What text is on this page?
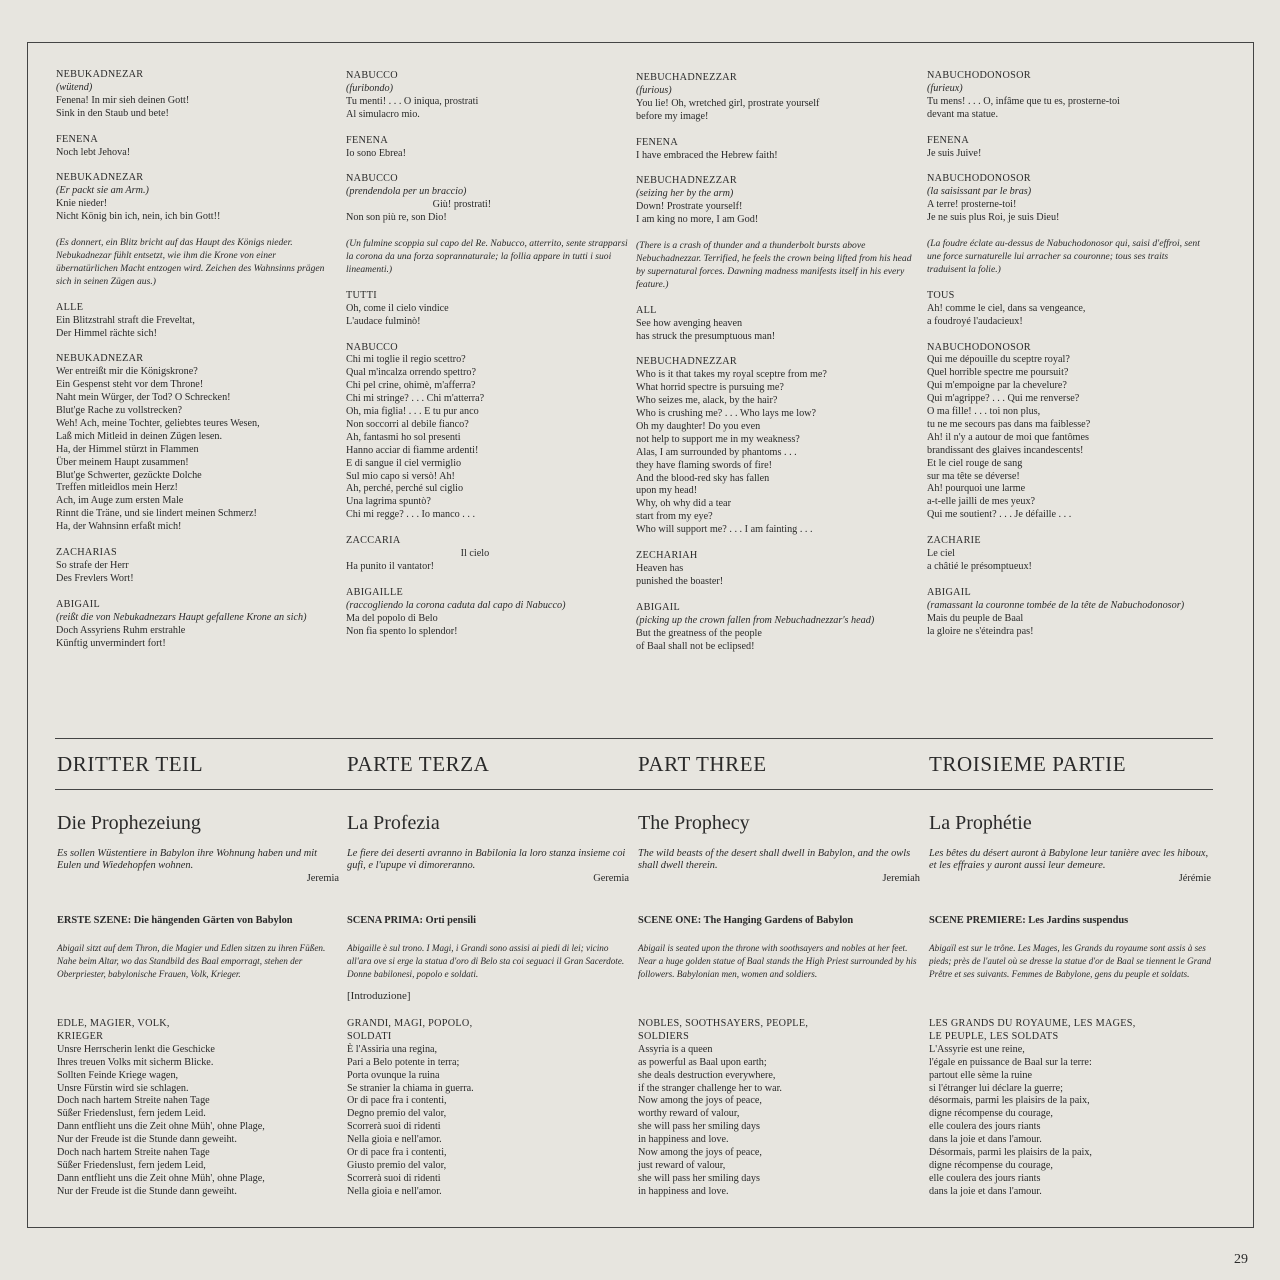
NEBUKADNEZAR
(wütend)
Fenena! In mir sieh deinen Gott!
Sink in den Staub und bete!
FENENA
Noch lebt Jehova!
NEBUKADNEZAR
(Er packt sie am Arm.)
Knie nieder!
Nicht König bin ich, nein, ich bin Gott!!
(Es donnert, ein Blitz bricht auf das Haupt des Königs nieder. Nebukadnezar fühlt entsetzt, wie ihm die Krone von einer übernatürlichen Macht entzogen wird. Zeichen des Wahnsinns prägen sich in seinen Zügen aus.)
ALLE
Ein Blitzstrahl straft die Freveltat,
Der Himmel rächte sich!
NEBUKADNEZAR
Wer entreißt mir die Königskrone?
Ein Gespenst steht vor dem Throne!
Naht mein Würger, der Tod? O Schrecken!
Blut'ge Rache zu vollstrecken?
Weh! Ach, meine Tochter, geliebtes teures Wesen,
Laß mich Mitleid in deinen Zügen lesen.
Ha, der Himmel stürzt in Flammen
Über meinem Haupt zusammen!
Blut'ge Schwerter, gezückte Dolche
Treffen mitleidlos mein Herz!
Ach, im Auge zum ersten Male
Rinnt die Träne, und sie lindert meinen Schmerz!
Ha, der Wahnsinn erfaßt mich!
ZACHARIAS
So strafe der Herr
Des Frevlers Wort!
ABIGAIL
(reißt die von Nebukadnezars Haupt gefallene Krone an sich)
Doch Assyriens Ruhm erstrahle
Künftig unvermindert fort!
NABUCCO
(furibondo)
Tu menti! . . . O iniqua, prostrati
Al simulacro mio.
FENENA
Io sono Ebrea!
NABUCCO
(prendendola per un braccio)
Giù! prostrati!
Non son più re, son Dio!
(Un fulmine scoppia sul capo del Re. Nabucco, atterrito, sente strapparsi la corona da una forza soprannaturale; la follia appare in tutti i suoi lineamenti.)
TUTTI
Oh, come il cielo vindice
L'audace fulminò!
NABUCCO
Chi mi toglie il regio scettro?
Qual m'incalza orrendo spettro?
Chi pel crine, ohimè, m'afferra?
Chi mi stringe? . . . Chi m'atterra?
Oh, mia figlia! . . . E tu pur anco
Non soccorri al debile fianco?
Ah, fantasmi ho sol presenti
Hanno acciar di fiamme ardenti!
E di sangue il ciel vermiglio
Sul mio capo si versò! Ah!
Ah, perché, perché sul ciglio
Una lagrima spuntò?
Chi mi regge? . . . Io manco . . .
ZACCARIA
Il cielo
Ha punito il vantator!
ABIGAILLE
(raccogliendo la corona caduta dal capo di Nabucco)
Ma del popolo di Belo
Non fia spento lo splendor!
NEBUCHADNEZZAR
(furious)
You lie! Oh, wretched girl, prostrate yourself
before my image!
FENENA
I have embraced the Hebrew faith!
NEBUCHADNEZZAR
(seizing her by the arm)
Down! Prostrate yourself!
I am king no more, I am God!
(There is a crash of thunder and a thunderbolt bursts above Nebuchadnezzar. Terrified, he feels the crown being lifted from his head by supernatural forces. Dawning madness manifests itself in his every feature.)
ALL
See how avenging heaven
has struck the presumptuous man!
NEBUCHADNEZZAR
Who is it that takes my royal sceptre from me?
What horrid spectre is pursuing me?
Who seizes me, alack, by the hair?
Who is crushing me? . . . Who lays me low?
Oh my daughter! Do you even
not help to support me in my weakness?
Alas, I am surrounded by phantoms . . .
they have flaming swords of fire!
And the blood-red sky has fallen
upon my head!
Why, oh why did a tear
start from my eye?
Who will support me? . . . I am fainting . . .
ZECHARIAH
Heaven has
punished the boaster!
ABIGAIL
(picking up the crown fallen from Nebuchadnezzar's head)
But the greatness of the people
of Baal shall not be eclipsed!
NABUCHODONOSOR
(furieux)
Tu mens! . . . O, infâme que tu es, prosterne-toi
devant ma statue.
FENENA
Je suis Juive!
NABUCHODONOSOR
(la saisissant par le bras)
A terre! prosterne-toi!
Je ne suis plus Roi, je suis Dieu!
(La foudre éclate au-dessus de Nabuchodonosor qui, saisi d'effroi, sent une force surnaturelle lui arracher sa couronne; tous ses traits traduisent la folie.)
TOUS
Ah! comme le ciel, dans sa vengeance,
a foudroyé l'audacieux!
NABUCHODONOSOR
Qui me dépouille du sceptre royal?
Quel horrible spectre me poursuit?
Qui m'empoigne par la chevelure?
Qui m'agrippe? . . . Qui me renverse?
O ma fille! . . . toi non plus,
tu ne me secours pas dans ma faiblesse?
Ah! il n'y a autour de moi que fantômes
brandissant des glaives incandescents!
Et le ciel rouge de sang
sur ma tête se déverse!
Ah! pourquoi une larme
a-t-elle jailli de mes yeux?
Qui me soutient? . . . Je défaille . . .
ZACHARIE
Le ciel
a châtié le présomptueux!
ABIGAIL
(ramassant la couronne tombée de la tête de Nabuchodonosor)
Mais du peuple de Baal
la gloire ne s'éteindra pas!
DRITTER TEIL	PARTE TERZA	PART THREE	TROISIEME PARTIE
Die Prophezeiung	La Profezia	The Prophecy	La Prophétie
Es sollen Wüstentiere in Babylon ihre Wohnung haben und mit Eulen und Wiedehopfen wohnen.
Jeremia
Le fiere dei deserti avranno in Babilonia la loro stanza insieme coi gufi, e l'upupe vi dimoreranno.
Geremia
The wild beasts of the desert shall dwell in Babylon, and the owls shall dwell therein.
Jeremiah
Les bêtes du désert auront à Babylone leur tanière avec les hiboux, et les effraies y auront aussi leur demeure.
Jérémie
ERSTE SZENE: Die hängenden Gärten von Babylon	SCENA PRIMA: Orti pensili	SCENE ONE: The Hanging Gardens of Babylon	SCENE PREMIERE: Les Jardins suspendus
Abigail sitzt auf dem Thron, die Magier und Edlen sitzen zu ihren Füßen. Nahe beim Altar, wo das Standbild des Baal emporragt, stehen der Oberpriester, babylonische Frauen, Volk, Krieger.
Abigaille è sul trono. I Magi, i Grandi sono assisi ai piedi di lei; vicino all'ara ove si erge la statua d'oro di Belo sta coi seguaci il Gran Sacerdote. Donne babilonesi, popolo e soldati.
[Introduzione]
Abigail is seated upon the throne with soothsayers and nobles at her feet. Near a huge golden statue of Baal stands the High Priest surrounded by his followers. Babylonian men, women and soldiers.
Abigaïl est sur le trône. Les Mages, les Grands du royaume sont assis à ses pieds; près de l'autel où se dresse la statue d'or de Baal se tiennent le Grand Prêtre et ses suivants. Femmes de Babylone, gens du peuple et soldats.
EDLE, MAGIER, VOLK,
KRIEGER
Unsre Herrscherin lenkt die Geschicke
Ihres treuen Volks mit sicherm Blicke.
Sollten Feinde Kriege wagen,
Unsre Fürstin wird sie schlagen.
Doch nach hartem Streite nahen Tage
Süßer Friedenslust, fern jedem Leid.
Dann entflieht uns die Zeit ohne Müh', ohne Plage,
Nur der Freude ist die Stunde dann geweiht.
Doch nach hartem Streite nahen Tage
Süßer Friedenslust, fern jedem Leid,
Dann entflieht uns die Zeit ohne Müh', ohne Plage,
Nur der Freude ist die Stunde dann geweiht.
GRANDI, MAGI, POPOLO,
SOLDATI
È l'Assiria una regina,
Pari a Belo potente in terra;
Porta ovunque la ruina
Se stranier la chiama in guerra.
Or di pace fra i contenti,
Degno premio del valor,
Scorrerà suoi di ridenti
Nella gioia e nell'amor.
Or di pace fra i contenti,
Giusto premio del valor,
Scorrerà suoi di ridenti
Nella gioia e nell'amor.
NOBLES, SOOTHSAYERS, PEOPLE,
SOLDIERS
Assyria is a queen
as powerful as Baal upon earth;
she deals destruction everywhere,
if the stranger challenge her to war.
Now among the joys of peace,
worthy reward of valour,
she will pass her smiling days
in happiness and love.
Now among the joys of peace,
just reward of valour,
she will pass her smiling days
in happiness and love.
LES GRANDS DU ROYAUME, LES MAGES,
LE PEUPLE, LES SOLDATS
L'Assyrie est une reine,
l'égale en puissance de Baal sur la terre:
partout elle sème la ruine
si l'étranger lui déclare la guerre;
désormais, parmi les plaisirs de la paix,
digne récompense du courage,
elle coulera des jours riants
dans la joie et dans l'amour.
Désormais, parmi les plaisirs de la paix,
digne récompense du courage,
elle coulera des jours riants
dans la joie et dans l'amour.
29
